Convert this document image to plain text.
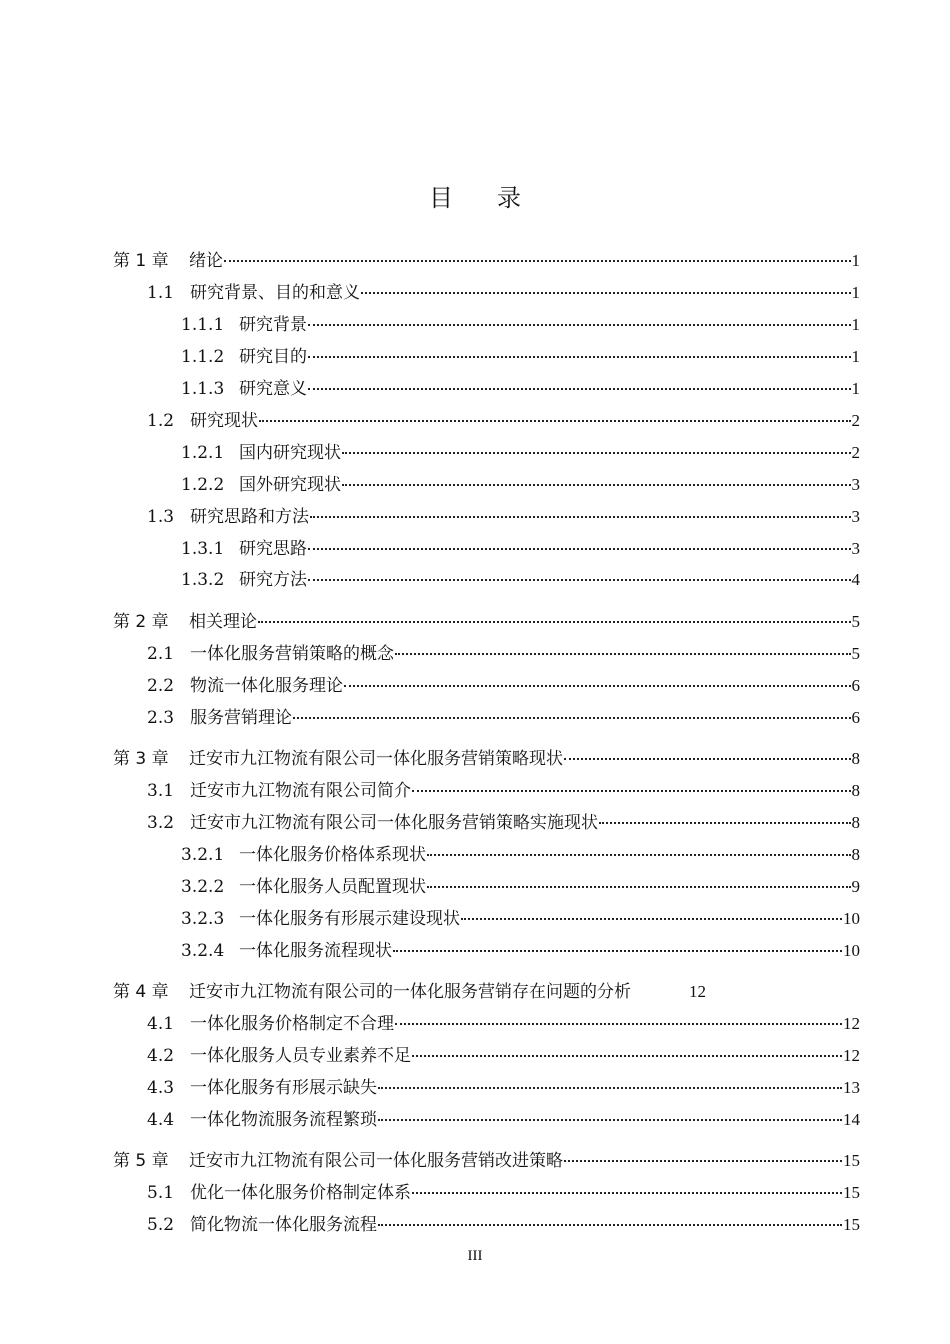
目 录
第 1 章	绪论	1
1.1 研究背景、目的和意义	1
1.1.1 研究背景	1
1.1.2 研究目的	1
1.1.3 研究意义	1
1.2 研究现状	2
1.2.1 国内研究现状	2
1.2.2 国外研究现状	3
1.3 研究思路和方法	3
1.3.1 研究思路	3
1.3.2 研究方法	4
第 2 章	相关理论	5
2.1 一体化服务营销策略的概念	5
2.2 物流一体化服务理论	6
2.3 服务营销理论	6
第 3 章	迁安市九江物流有限公司一体化服务营销策略现状	8
3.1 迁安市九江物流有限公司简介	8
3.2 迁安市九江物流有限公司一体化服务营销策略实施现状	8
3.2.1 一体化服务价格体系现状	8
3.2.2 一体化服务人员配置现状	9
3.2.3 一体化服务有形展示建设现状	10
3.2.4 一体化服务流程现状	10
第 4 章	迁安市九江物流有限公司的一体化服务营销存在问题的分析	12
4.1 一体化服务价格制定不合理	12
4.2 一体化服务人员专业素养不足	12
4.3 一体化服务有形展示缺失	13
4.4 一体化物流服务流程繁琐	14
第 5 章	迁安市九江物流有限公司一体化服务营销改进策略	15
5.1 优化一体化服务价格制定体系	15
5.2 简化物流一体化服务流程	15
III
